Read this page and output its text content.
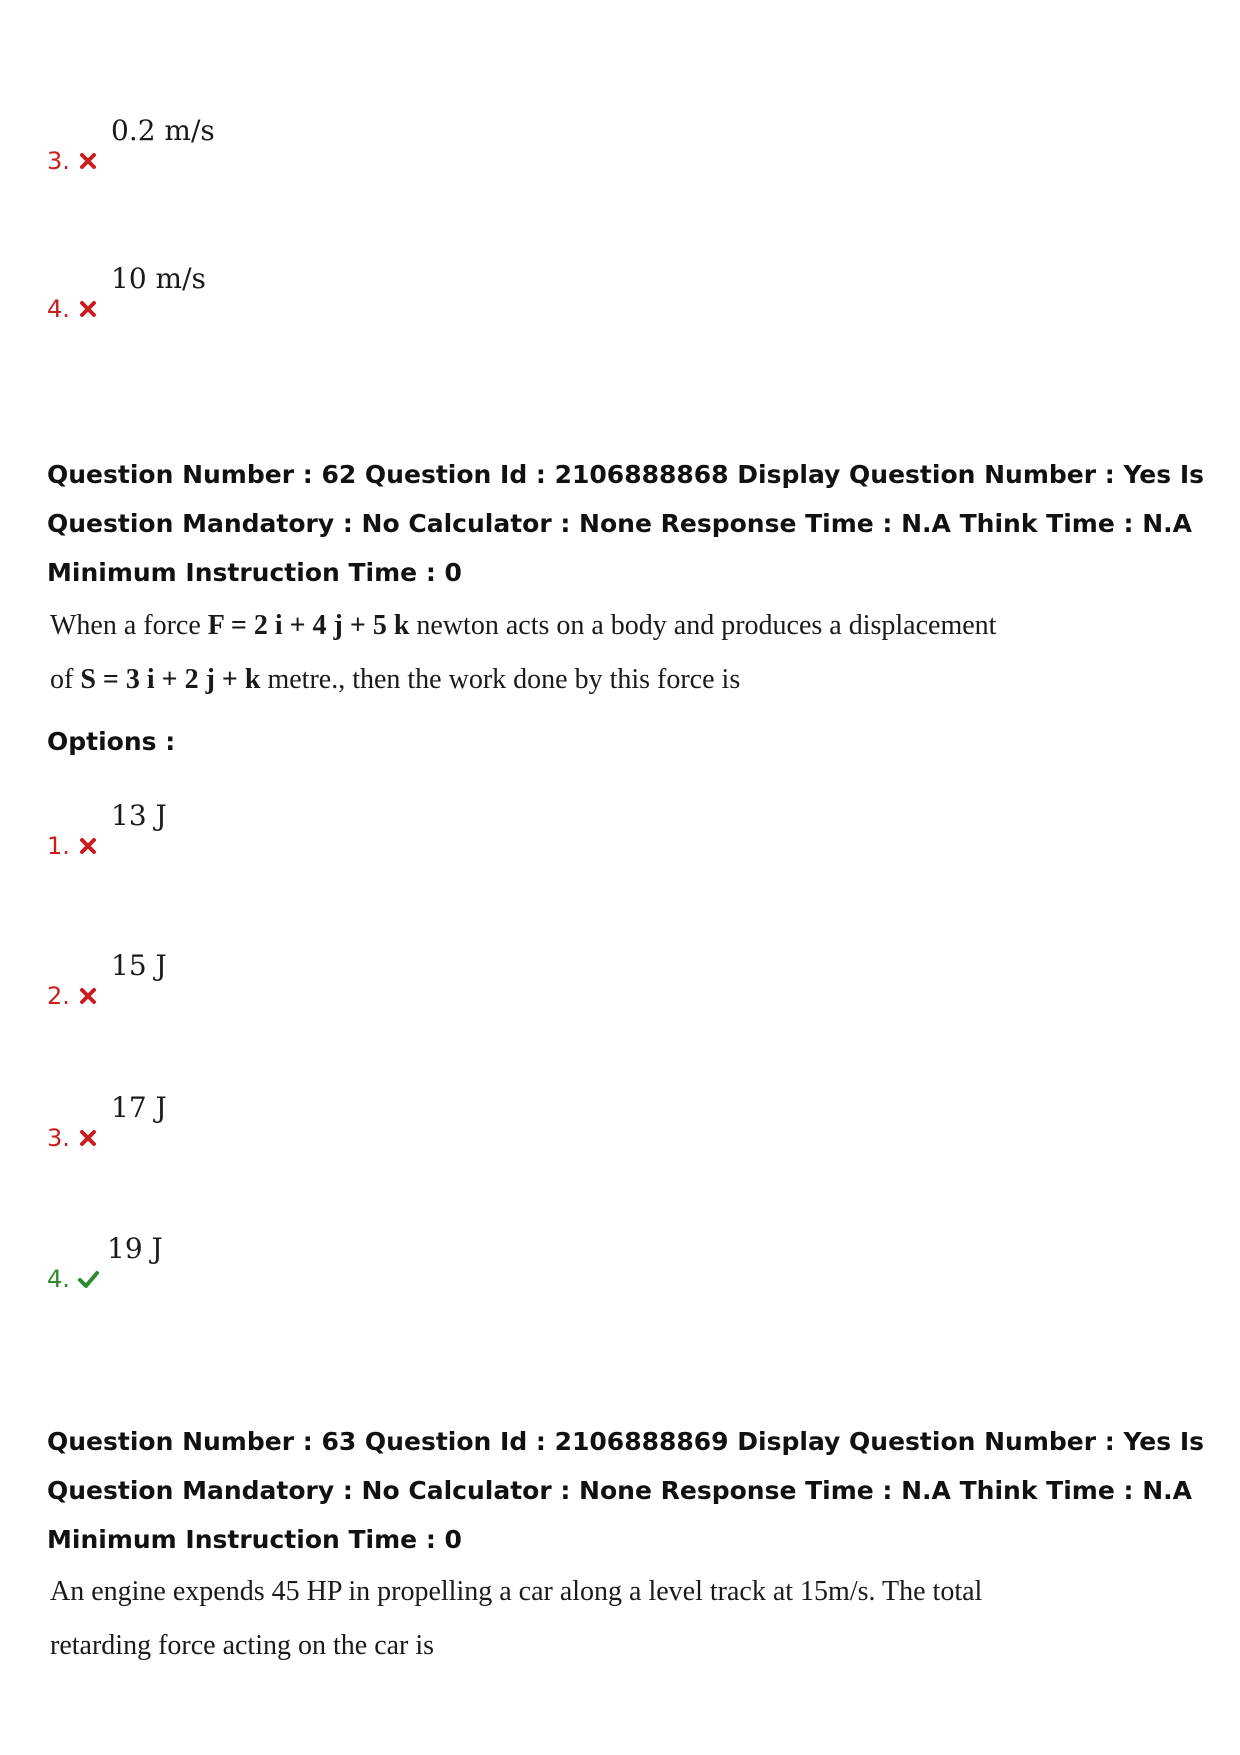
3.
0.2 m/s
4.
10 m/s
Question Number : 62 Question Id : 2106888868 Display Question Number : Yes Is Question Mandatory : No Calculator : None Response Time : N.A Think Time : N.A Minimum Instruction Time : 0
When a force F = 2 i + 4 j + 5 k newton acts on a body and produces a displacement
of S = 3 i + 2 j + k metre., then the work done by this force is
Options :
1.
13 J
2.
15 J
3.
17 J
4.
19 J
Question Number : 63 Question Id : 2106888869 Display Question Number : Yes Is Question Mandatory : No Calculator : None Response Time : N.A Think Time : N.A Minimum Instruction Time : 0
An engine expends 45 HP in propelling a car along a level track at 15m/s. The total
retarding force acting on the car is
